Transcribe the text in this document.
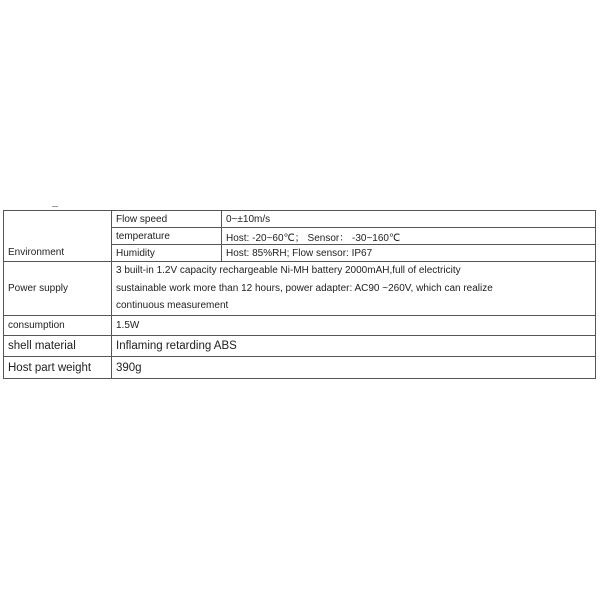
Environment	Flow speed	0~±10m/s
	temperature	Host: -20~60℃； Sensor： -30~160℃
	Humidity	Host: 85%RH; Flow sensor: IP67
Power supply	3 built-in 1.2V capacity rechargeable Ni-MH battery 2000mAH,full of electricity
sustainable work more than 12 hours, power adapter: AC90 ~260V, which can realize
continuous measurement	

consumption	1.5W	
shell material	Inflaming retarding ABS	
Host part weight	390g	
